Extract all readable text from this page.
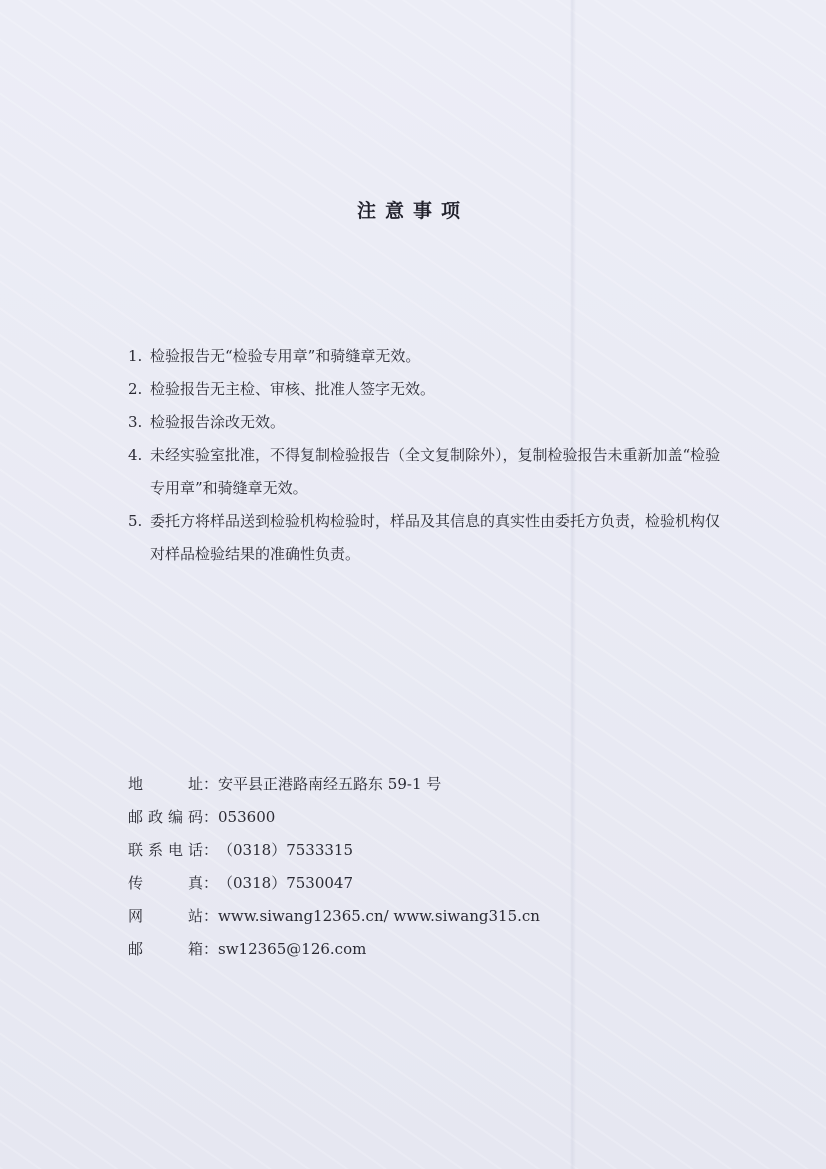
注意事项
1. 检验报告无“检验专用章”和骑缝章无效。
2. 检验报告无主检、审核、批准人签字无效。
3. 检验报告涂改无效。
4. 未经实验室批准，不得复制检验报告（全文复制除外），复制检验报告未重新加盖“检验专用章”和骑缝章无效。
5. 委托方将样品送到检验机构检验时，样品及其信息的真实性由委托方负责，检验机构仅对样品检验结果的准确性负责。
地址 ： 安平县正港路南经五路东 59-1 号
邮政编码 ： 053600
联系电话 ： （0318）7533315
传真 ： （0318）7530047
网站 ： www.siwang12365.cn/ www.siwang315.cn
邮箱 ： sw12365@126.com
